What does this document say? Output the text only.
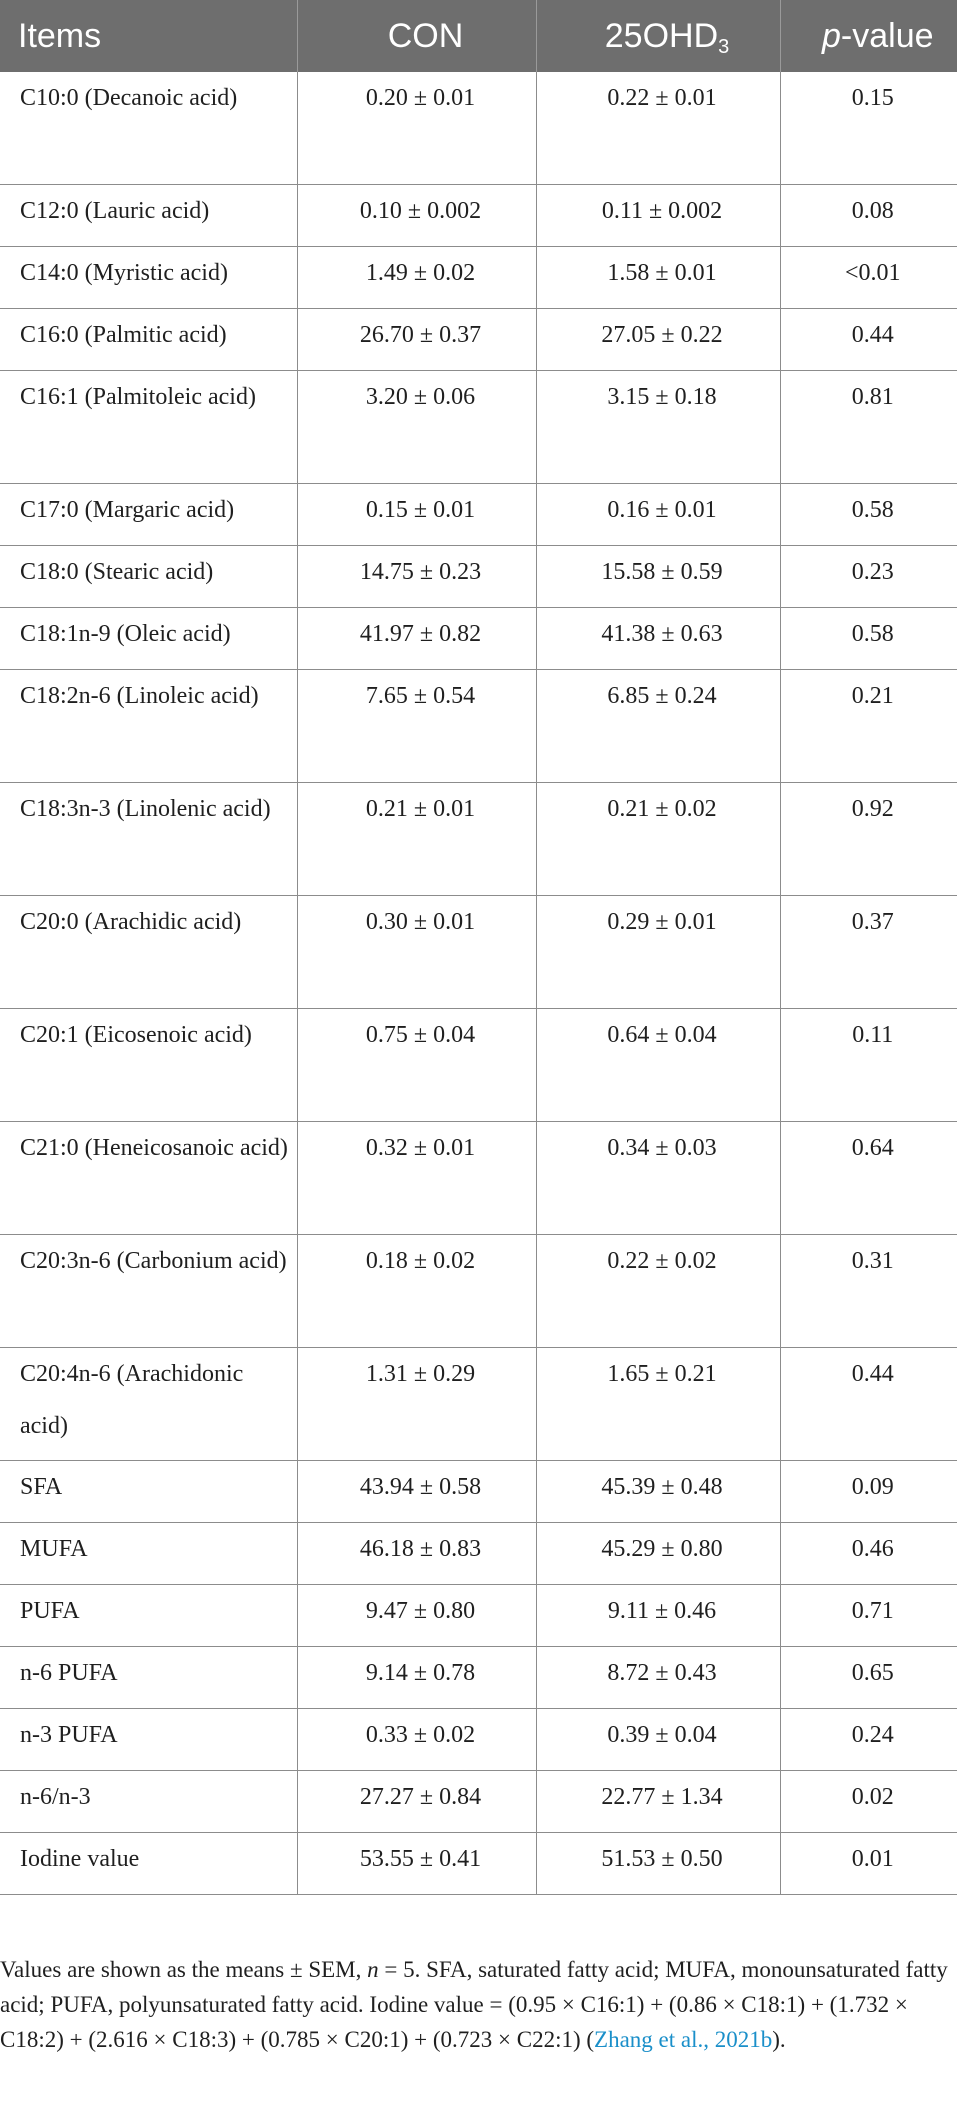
Items	CON	$25OHD_3$	p-value
C10:0 (Decanoic acid)	0.20 ± 0.01	0.22 ± 0.01	0.15
C12:0 (Lauric acid)	0.10 ± 0.002	0.11 ± 0.002	0.08
C14:0 (Myristic acid)	1.49 ± 0.02	1.58 ± 0.01	<0.01
C16:0 (Palmitic acid)	26.70 ± 0.37	27.05 ± 0.22	0.44
C16:1 (Palmitoleic acid)	3.20 ± 0.06	3.15 ± 0.18	0.81
C17:0 (Margaric acid)	0.15 ± 0.01	0.16 ± 0.01	0.58
C18:0 (Stearic acid)	14.75 ± 0.23	15.58 ± 0.59	0.23
C18:1n-9 (Oleic acid)	41.97 ± 0.82	41.38 ± 0.63	0.58
C18:2n-6 (Linoleic acid)	7.65 ± 0.54	6.85 ± 0.24	0.21
C18:3n-3 (Linolenic acid)	0.21 ± 0.01	0.21 ± 0.02	0.92
C20:0 (Arachidic acid)	0.30 ± 0.01	0.29 ± 0.01	0.37
C20:1 (Eicosenoic acid)	0.75 ± 0.04	0.64 ± 0.04	0.11
C21:0 (Heneicosanoic acid)	0.32 ± 0.01	0.34 ± 0.03	0.64
C20:3n-6 (Carbonium acid)	0.18 ± 0.02	0.22 ± 0.02	0.31
C20:4n-6 (Arachidonic acid)	1.31 ± 0.29	1.65 ± 0.21	0.44
SFA	43.94 ± 0.58	45.39 ± 0.48	0.09
MUFA	46.18 ± 0.83	45.29 ± 0.80	0.46
PUFA	9.47 ± 0.80	9.11 ± 0.46	0.71
n-6 PUFA	9.14 ± 0.78	8.72 ± 0.43	0.65
n-3 PUFA	0.33 ± 0.02	0.39 ± 0.04	0.24
n-6/n-3	27.27 ± 0.84	22.77 ± 1.34	0.02
Iodine value	53.55 ± 0.41	51.53 ± 0.50	0.01
Values are shown as the means ± SEM, n = 5. SFA, saturated fatty acid; MUFA, monounsaturated fatty acid; PUFA, polyunsaturated fatty acid. Iodine value = (0.95 × C16:1) + (0.86 × C18:1) + (1.732 × C18:2) + (2.616 × C18:3) + (0.785 × C20:1) + (0.723 × C22:1) (Zhang et al., 2021b).
